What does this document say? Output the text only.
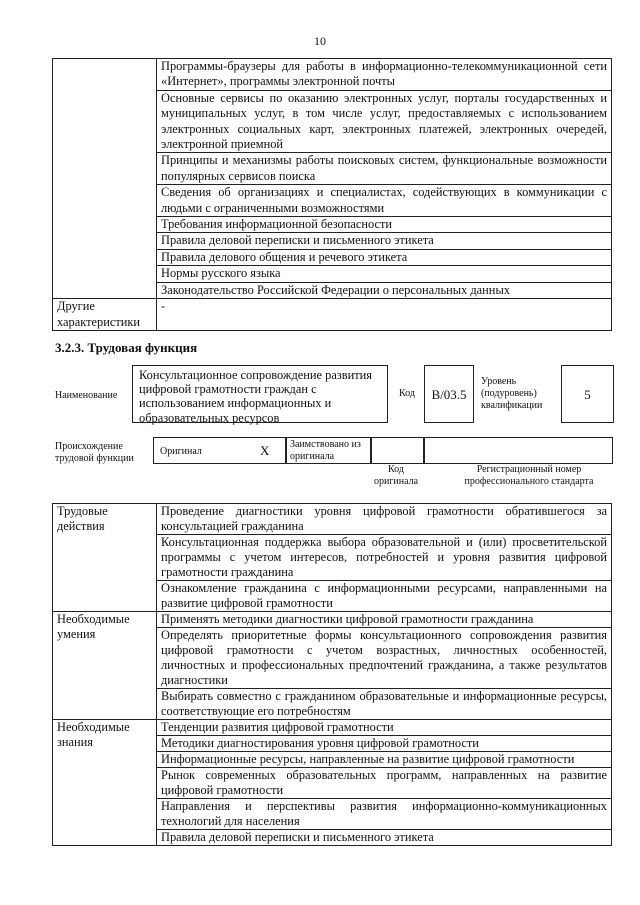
10
	Программы-браузеры для работы в информационно-телекоммуникационной сети «Интернет», программы электронной почты
	Основные сервисы по оказанию электронных услуг, порталы государственных и муниципальных услуг, в том числе услуг, предоставляемых с использованием электронных социальных карт, электронных платежей, электронных очередей, электронной приемной
	Принципы и механизмы работы поисковых систем, функциональные возможности популярных сервисов поиска
	Сведения об организациях и специалистах, содействующих в коммуникации с людьми с ограниченными возможностями
	Требования информационной безопасности
	Правила деловой переписки и письменного этикета
	Правила делового общения и речевого этикета
	Нормы русского языка
	Законодательство Российской Федерации о персональных данных
Другие характеристики	-
3.2.3. Трудовая функция
Наименование
Консультационное сопровождение развития цифровой грамотности граждан с использованием информационных и образовательных ресурсов
Код	B/03.5
Уровень (подуровень) квалификации
5
Происхождение трудовой функции
Оригинал	X Заимствовано из оригинала
Код оригинала
Регистрационный номер профессионального стандарта
Трудовые действия	Проведение диагностики уровня цифровой грамотности обратившегося за консультацией гражданина
	Консультационная поддержка выбора образовательной и (или) просветительской программы с учетом интересов, потребностей и уровня развития цифровой грамотности гражданина
	Ознакомление гражданина с информационными ресурсами, направленными на развитие цифровой грамотности
Необходимые умения	Применять методики диагностики цифровой грамотности гражданина
	Определять приоритетные формы консультационного сопровождения развития цифровой грамотности с учетом возрастных, личностных особенностей, личностных и профессиональных предпочтений гражданина, а также результатов диагностики
	Выбирать совместно с гражданином образовательные и информационные ресурсы, соответствующие его потребностям
Необходимые знания	Тенденции развития цифровой грамотности
	Методики диагностирования уровня цифровой грамотности
	Информационные ресурсы, направленные на развитие цифровой грамотности
	Рынок современных образовательных программ, направленных на развитие цифровой грамотности
	Направления и перспективы развития информационно-коммуникационных технологий для населения
	Правила деловой переписки и письменного этикета
